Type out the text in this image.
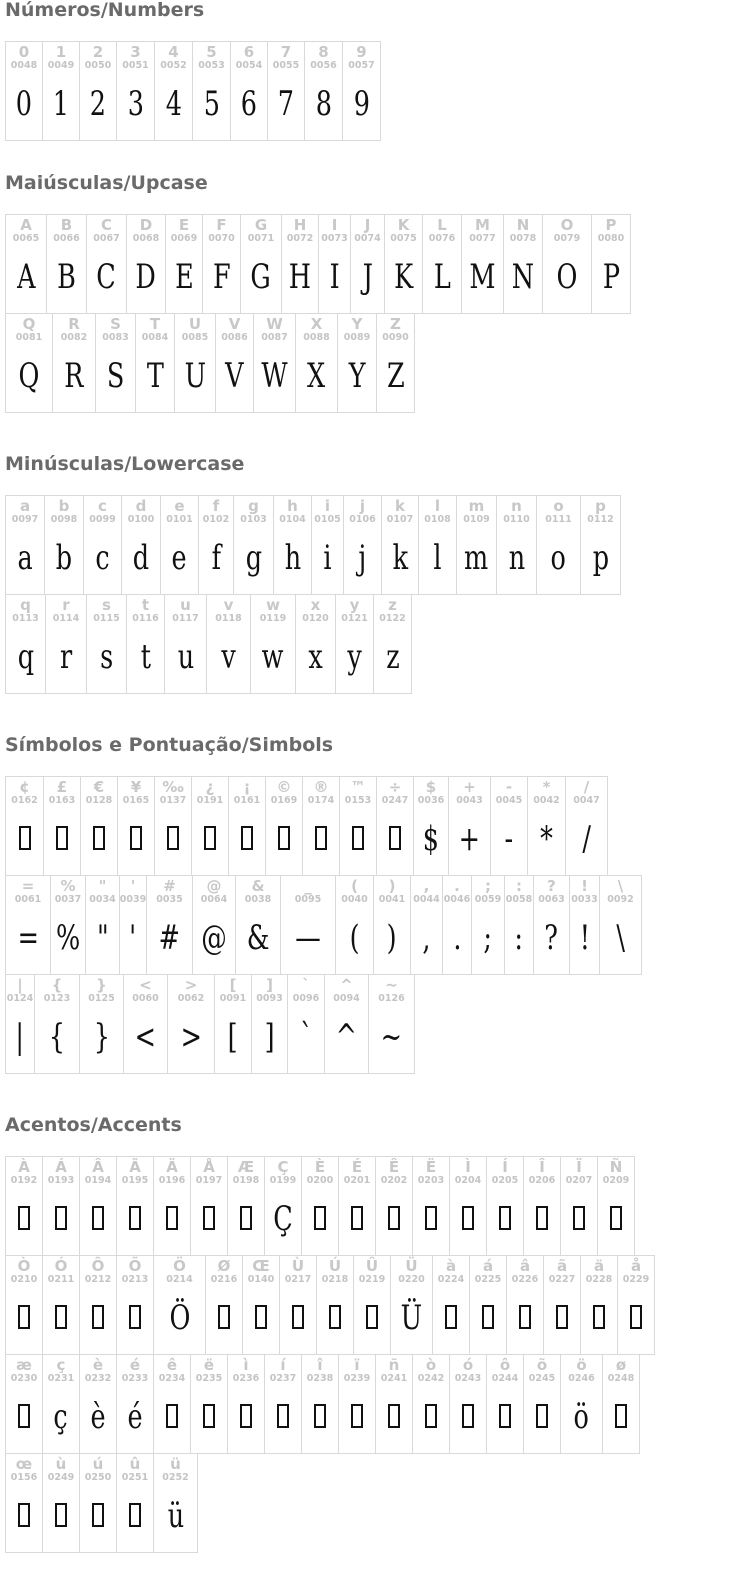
Números/Numbers
0
0048
0
1
0049
1
2
0050
2
3
0051
3
4
0052
4
5
0053
5
6
0054
6
7
0055
7
8
0056
8
9
0057
9
Maiúsculas/Upcase
A
0065
A
B
0066
B
C
0067
C
D
0068
D
E
0069
E
F
0070
F
G
0071
G
H
0072
H
I
0073
I
J
0074
J
K
0075
K
L
0076
L
M
0077
M
N
0078
N
O
0079
O
P
0080
P
Q
0081
Q
R
0082
R
S
0083
S
T
0084
T
U
0085
U
V
0086
V
W
0087
W
X
0088
X
Y
0089
Y
Z
0090
Z
Minúsculas/Lowercase
a
0097
a
b
0098
b
c
0099
c
d
0100
d
e
0101
e
f
0102
f
g
0103
g
h
0104
h
i
0105
i
j
0106
j
k
0107
k
l
0108
l
m
0109
m
n
0110
n
o
0111
o
p
0112
p
q
0113
q
r
0114
r
s
0115
s
t
0116
t
u
0117
u
v
0118
v
w
0119
w
x
0120
x
y
0121
y
z
0122
z
Símbolos e Pontuação/Simbols
¢
0162
£
0163
€
0128
¥
0165
‰
0137
¿
0191
¡
0161
©
0169
®
0174
™
0153
÷
0247
$
0036
$
+
0043
+
-
0045
-
*
0042
*
/
0047
/
=
0061
=
%
0037
%
"
0034
"
'
0039
'
#
0035
#
@
0064
@
&
0038
&
_
0095
—
(
0040
(
)
0041
)
,
0044
,
.
0046
.
;
0059
;
:
0058
:
?
0063
?
!
0033
!
\
0092
\
|
0124
|
{
0123
{
}
0125
}
<
0060
<
>
0062
>
[
0091
[
]
0093
]
`
0096
`
^
0094
^
~
0126
~
Acentos/Accents
À
0192
Á
0193
Â
0194
Ã
0195
Ä
0196
Å
0197
Æ
0198
Ç
0199
Ç
È
0200
É
0201
Ê
0202
Ë
0203
Ì
0204
Í
0205
Î
0206
Ï
0207
Ñ
0209
Ò
0210
Ó
0211
Ô
0212
Õ
0213
Ö
0214
Ö
Ø
0216
Œ
0140
Ù
0217
Ú
0218
Û
0219
Ü
0220
Ü
à
0224
á
0225
â
0226
ã
0227
ä
0228
å
0229
æ
0230
ç
0231
ç
è
0232
è
é
0233
é
ê
0234
ë
0235
ì
0236
í
0237
î
0238
ï
0239
ñ
0241
ò
0242
ó
0243
ô
0244
õ
0245
ö
0246
ö
ø
0248
œ
0156
ù
0249
ú
0250
û
0251
ü
0252
ü
